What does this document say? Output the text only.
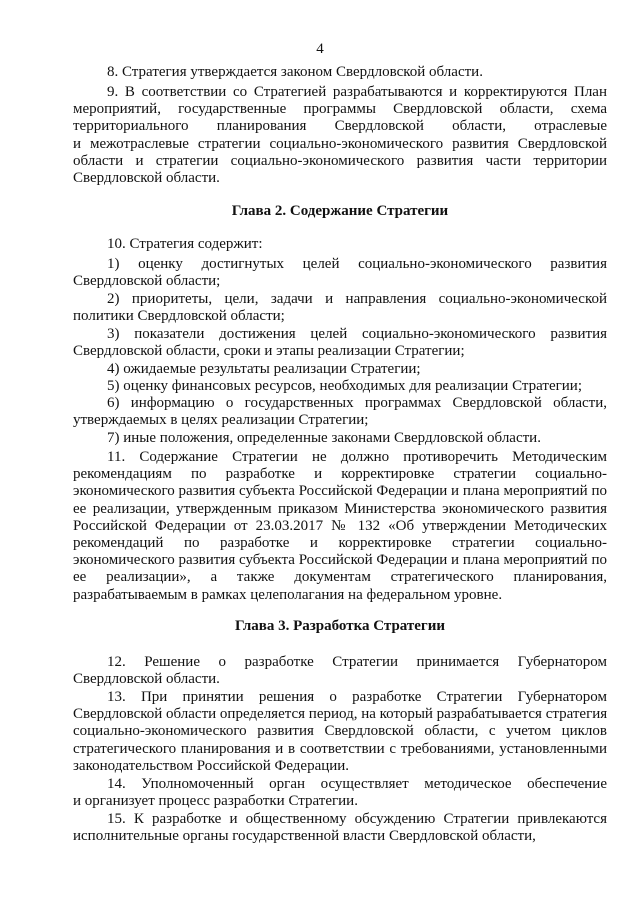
4
8. Стратегия утверждается законом Свердловской области.
9. В соответствии со Стратегией разрабатываются и корректируются План
мероприятий, государственные программы Свердловской области, схема
территориального планирования Свердловской области, отраслевые
и межотраслевые стратегии социально-экономического развития Свердловской
области и стратегии социально-экономического развития части территории
Свердловской области.
Глава 2. Содержание Стратегии
10. Стратегия содержит:
1) оценку достигнутых целей социально-экономического развития
Свердловской области;
2) приоритеты, цели, задачи и направления социально-экономической
политики Свердловской области;
3) показатели достижения целей социально-экономического развития
Свердловской области, сроки и этапы реализации Стратегии;
4) ожидаемые результаты реализации Стратегии;
5) оценку финансовых ресурсов, необходимых для реализации Стратегии;
6) информацию о государственных программах Свердловской области,
утверждаемых в целях реализации Стратегии;
7) иные положения, определенные законами Свердловской области.
11. Содержание Стратегии не должно противоречить Методическим
рекомендациям по разработке и корректировке стратегии социально-
экономического развития субъекта Российской Федерации и плана мероприятий по
ее реализации, утвержденным приказом Министерства экономического развития
Российской Федерации от 23.03.2017 № 132 «Об утверждении Методических
рекомендаций по разработке и корректировке стратегии социально-
экономического развития субъекта Российской Федерации и плана мероприятий по
ее реализации», а также документам стратегического планирования,
разрабатываемым в рамках целеполагания на федеральном уровне.
Глава 3. Разработка Стратегии
12. Решение о разработке Стратегии принимается Губернатором
Свердловской области.
13. При принятии решения о разработке Стратегии Губернатором
Свердловской области определяется период, на который разрабатывается стратегия
социально-экономического развития Свердловской области, с учетом циклов
стратегического планирования и в соответствии с требованиями, установленными
законодательством Российской Федерации.
14. Уполномоченный орган осуществляет методическое обеспечение
и организует процесс разработки Стратегии.
15. К разработке и общественному обсуждению Стратегии привлекаются
исполнительные органы государственной власти Свердловской области,
